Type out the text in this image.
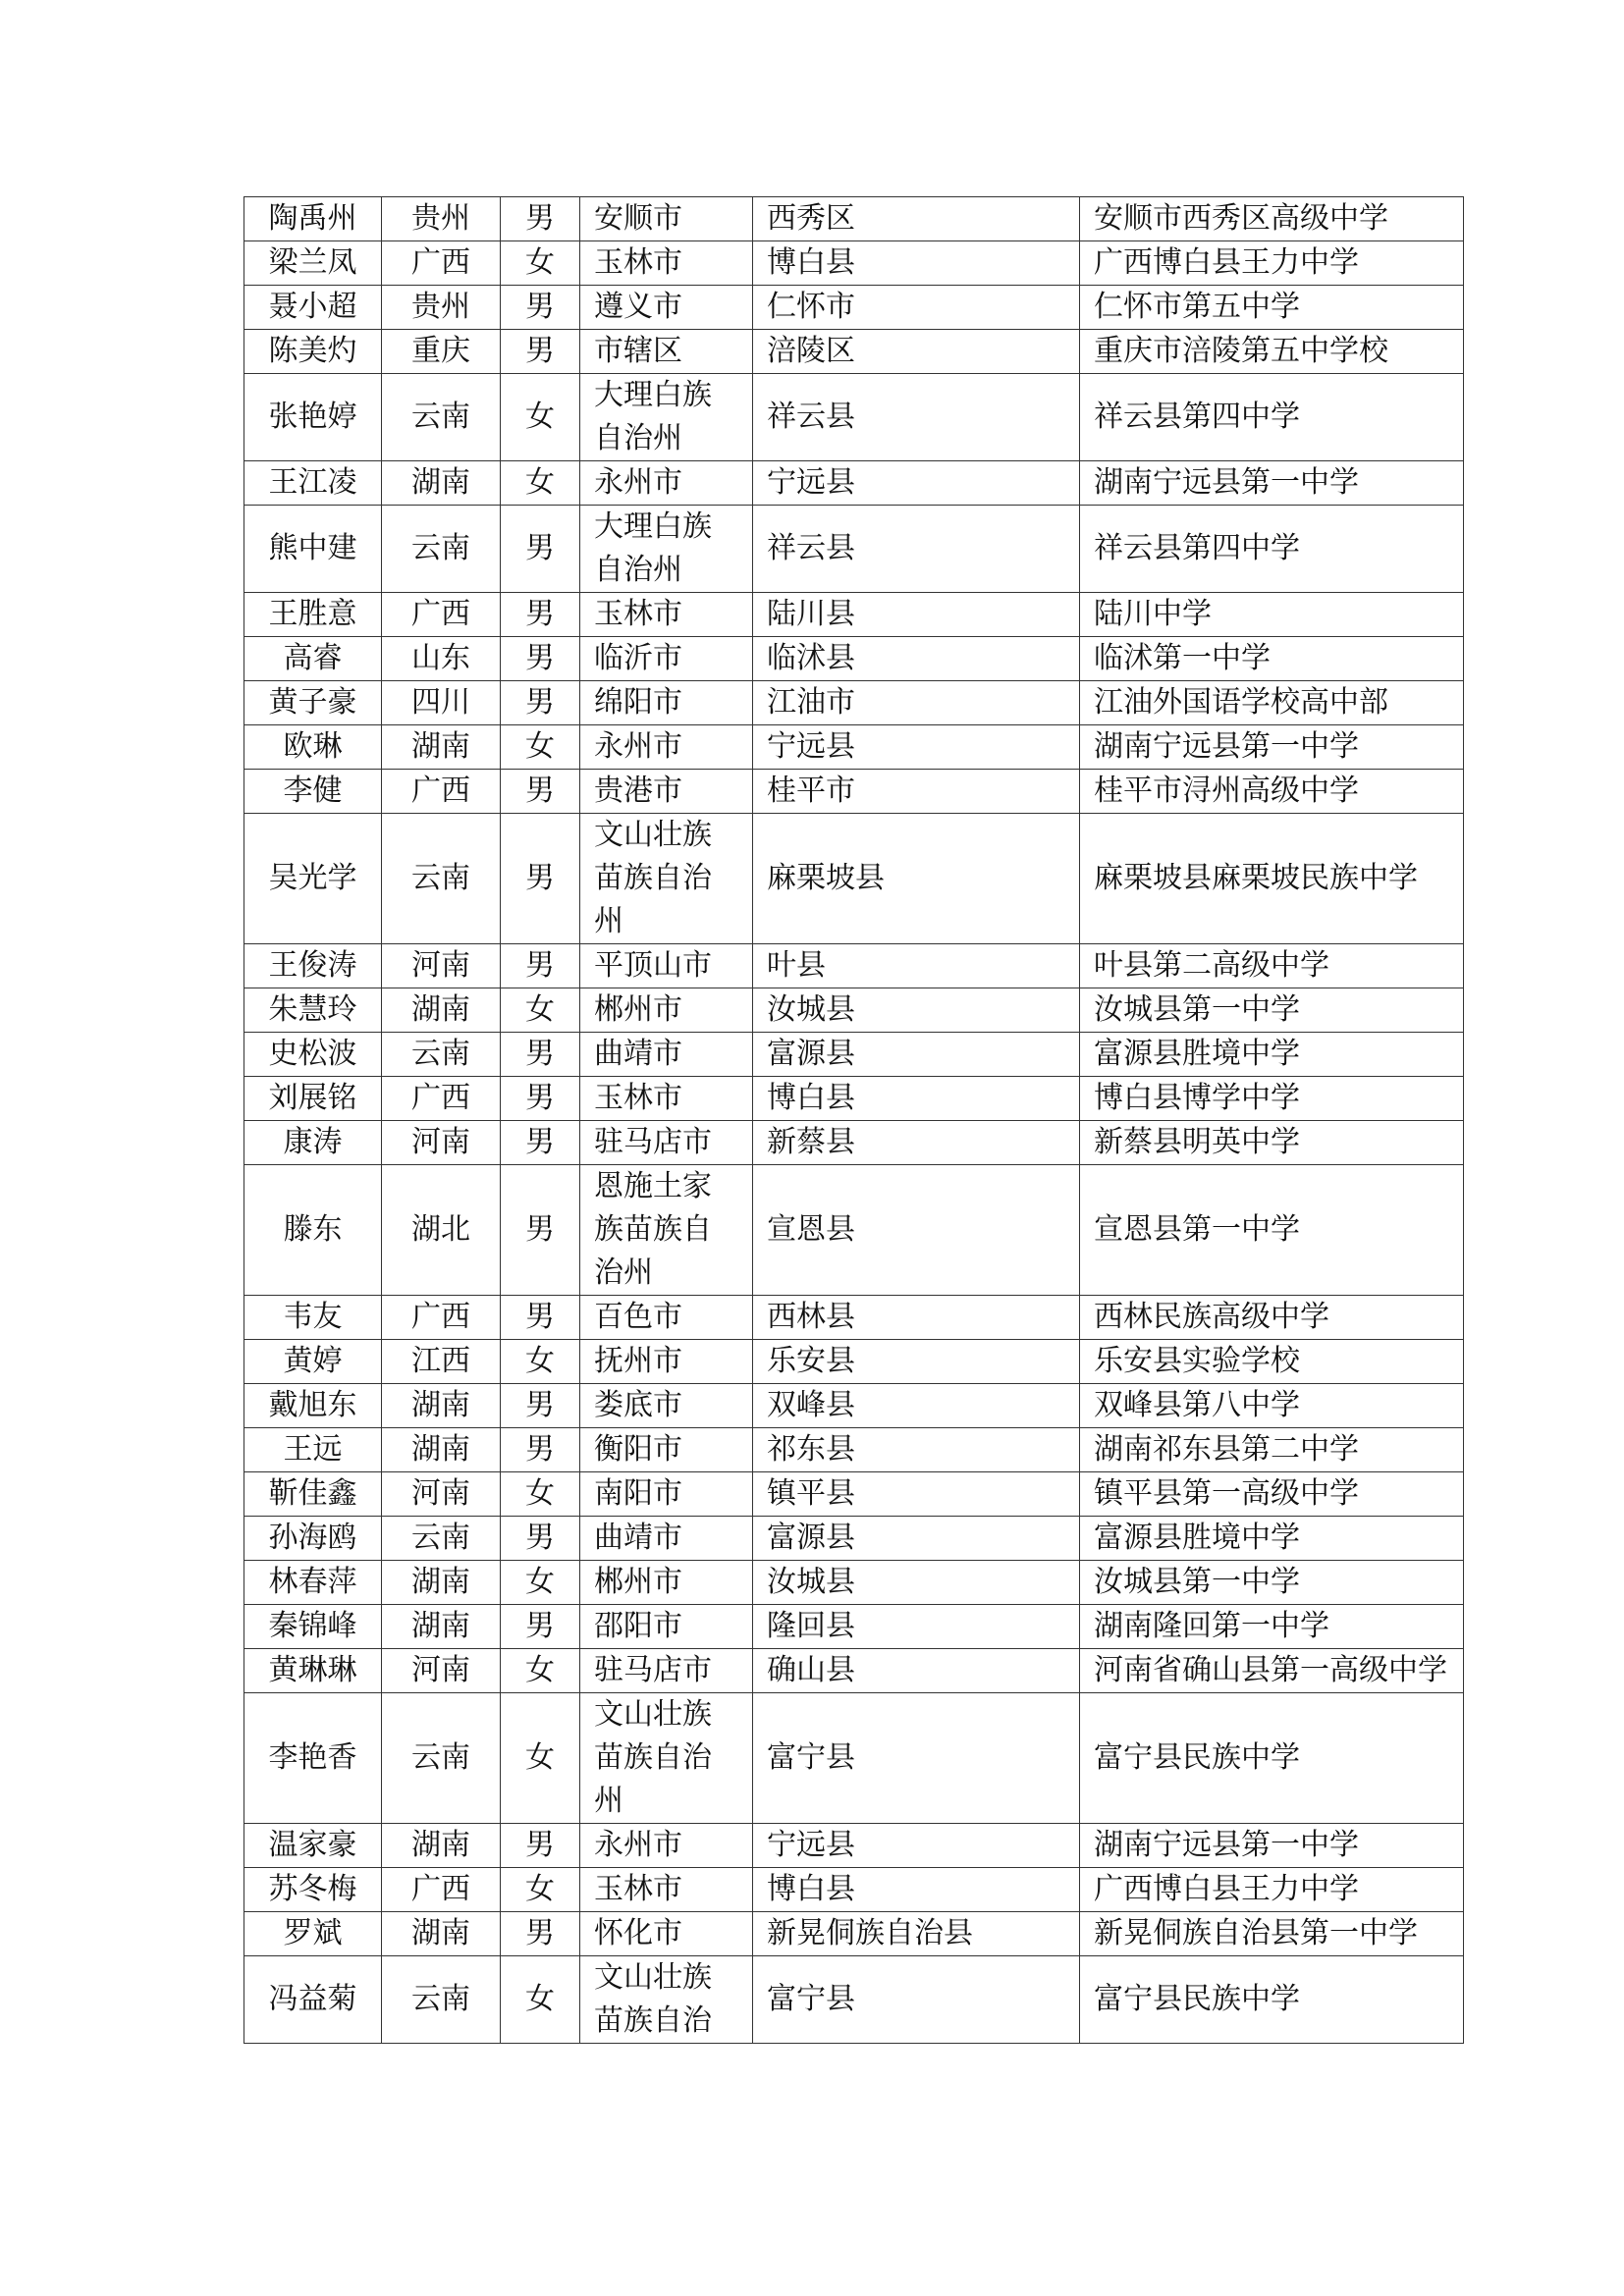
陶禹州	贵州	男	安顺市	西秀区	安顺市西秀区高级中学
梁兰凤	广西	女	玉林市	博白县	广西博白县王力中学
聂小超	贵州	男	遵义市	仁怀市	仁怀市第五中学
陈美灼	重庆	男	市辖区	涪陵区	重庆市涪陵第五中学校
张艳婷	云南	女	大理白族自治州	祥云县	祥云县第四中学
王江凌	湖南	女	永州市	宁远县	湖南宁远县第一中学
熊中建	云南	男	大理白族自治州	祥云县	祥云县第四中学
王胜意	广西	男	玉林市	陆川县	陆川中学
高睿	山东	男	临沂市	临沭县	临沭第一中学
黄子豪	四川	男	绵阳市	江油市	江油外国语学校高中部
欧琳	湖南	女	永州市	宁远县	湖南宁远县第一中学
李健	广西	男	贵港市	桂平市	桂平市浔州高级中学
吴光学	云南	男	文山壮族苗族自治州	麻栗坡县	麻栗坡县麻栗坡民族中学
王俊涛	河南	男	平顶山市	叶县	叶县第二高级中学
朱慧玲	湖南	女	郴州市	汝城县	汝城县第一中学
史松波	云南	男	曲靖市	富源县	富源县胜境中学
刘展铭	广西	男	玉林市	博白县	博白县博学中学
康涛	河南	男	驻马店市	新蔡县	新蔡县明英中学
滕东	湖北	男	恩施土家族苗族自治州	宣恩县	宣恩县第一中学
韦友	广西	男	百色市	西林县	西林民族高级中学
黄婷	江西	女	抚州市	乐安县	乐安县实验学校
戴旭东	湖南	男	娄底市	双峰县	双峰县第八中学
王远	湖南	男	衡阳市	祁东县	湖南祁东县第二中学
靳佳鑫	河南	女	南阳市	镇平县	镇平县第一高级中学
孙海鸥	云南	男	曲靖市	富源县	富源县胜境中学
林春萍	湖南	女	郴州市	汝城县	汝城县第一中学
秦锦峰	湖南	男	邵阳市	隆回县	湖南隆回第一中学
黄琳琳	河南	女	驻马店市	确山县	河南省确山县第一高级中学
李艳香	云南	女	文山壮族苗族自治州	富宁县	富宁县民族中学
温家豪	湖南	男	永州市	宁远县	湖南宁远县第一中学
苏冬梅	广西	女	玉林市	博白县	广西博白县王力中学
罗斌	湖南	男	怀化市	新晃侗族自治县	新晃侗族自治县第一中学
冯益菊	云南	女	文山壮族苗族自治	富宁县	富宁县民族中学
